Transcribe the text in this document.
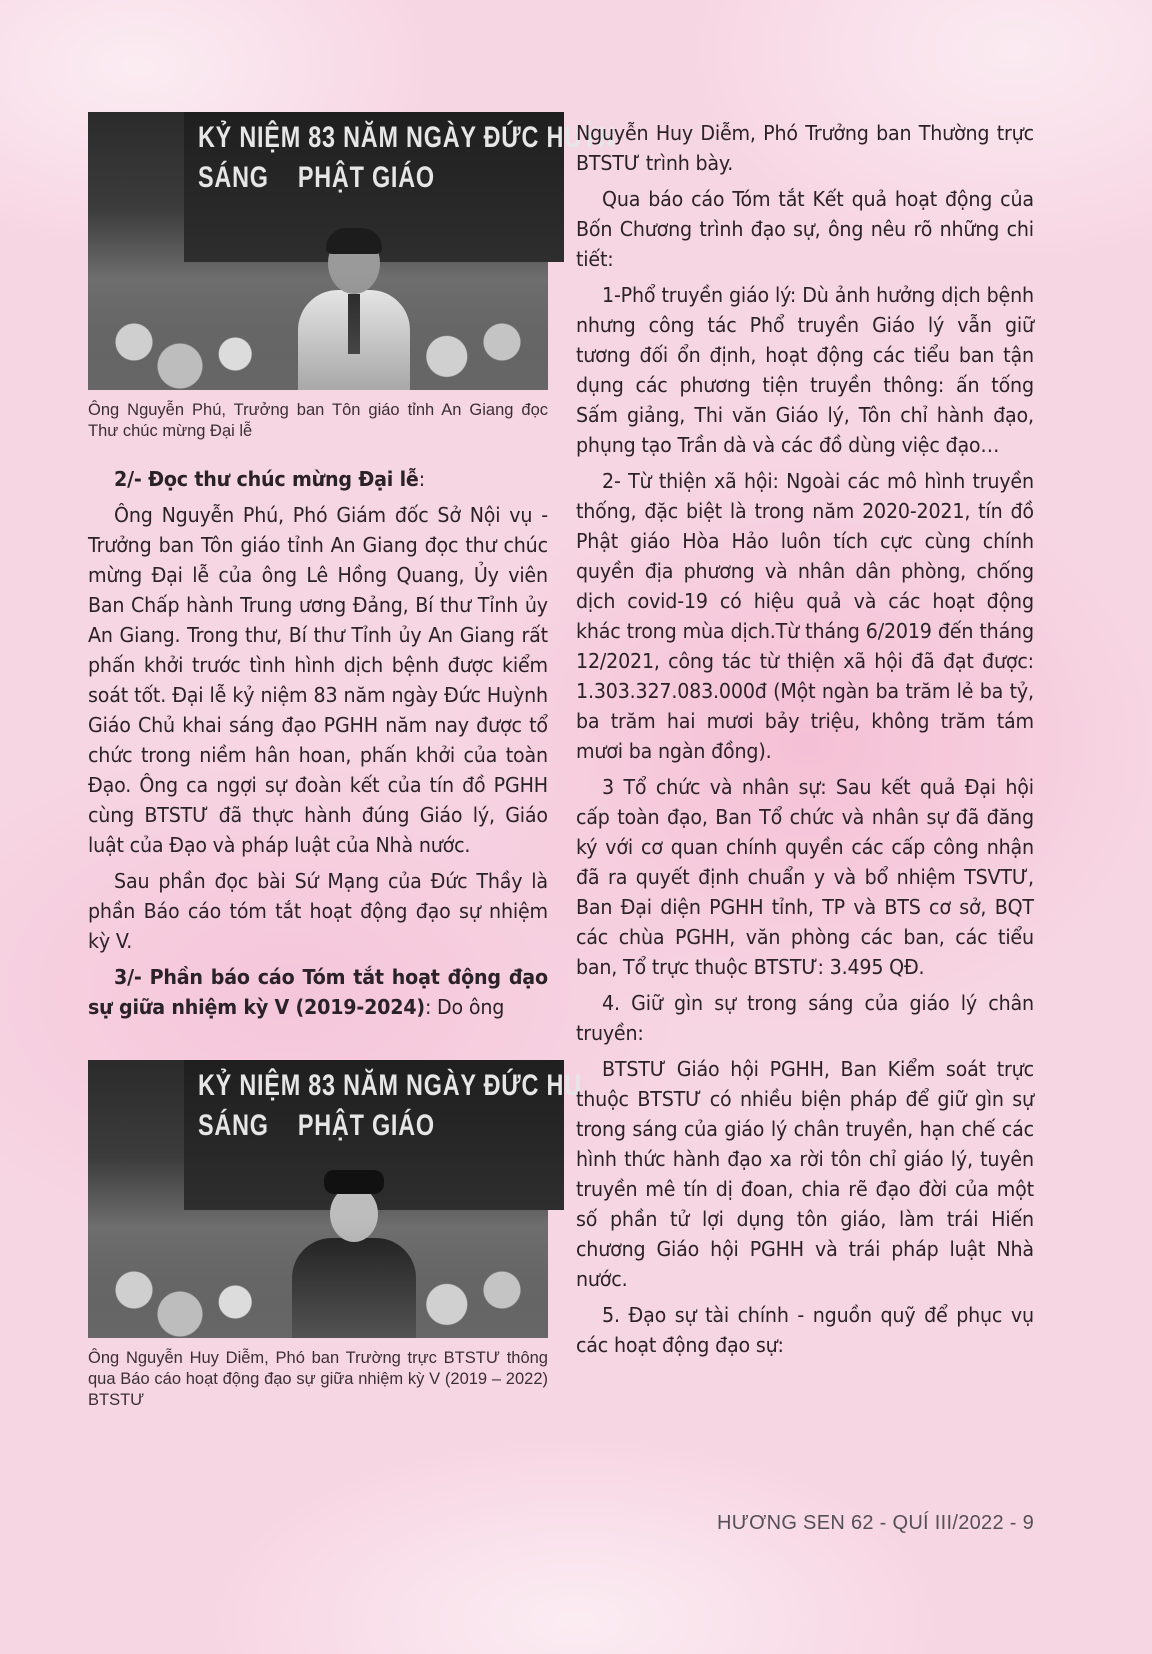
KỶ NIỆM 83 NĂM NGÀY ĐỨC HUỲN
SÁNG    PHẬT GIÁO
Ông Nguyễn Phú, Trưởng ban Tôn giáo tỉnh An Giang đọc Thư chúc mừng Đại lễ

2/- Đọc thư chúc mừng Đại lễ:

Ông Nguyễn Phú, Phó Giám đốc Sở Nội vụ - Trưởng ban Tôn giáo tỉnh An Giang đọc thư chúc mừng Đại lễ của ông Lê Hồng Quang, Ủy viên Ban Chấp hành Trung ương Đảng, Bí thư Tỉnh ủy An Giang. Trong thư, Bí thư Tỉnh ủy An Giang rất phấn khởi trước tình hình dịch bệnh được kiểm soát tốt. Đại lễ kỷ niệm 83 năm ngày Đức Huỳnh Giáo Chủ khai sáng đạo PGHH năm nay được tổ chức trong niềm hân hoan, phấn khởi của toàn Đạo. Ông ca ngợi sự đoàn kết của tín đồ PGHH cùng BTSTƯ đã thực hành đúng Giáo lý, Giáo luật của Đạo và pháp luật của Nhà nước.

Sau phần đọc bài Sứ Mạng của Đức Thầy là phần Báo cáo tóm tắt hoạt động đạo sự nhiệm kỳ V.

3/- Phần báo cáo Tóm tắt hoạt động đạo sự giữa nhiệm kỳ V (2019-2024): Do ông

KỶ NIỆM 83 NĂM NGÀY ĐỨC HU
SÁNG    PHẬT GIÁO
Ông Nguyễn Huy Diễm, Phó ban Trường trực BTSTƯ thông qua Báo cáo hoạt động đạo sự giữa nhiệm kỳ V (2019 – 2022) BTSTƯ

Nguyễn Huy Diễm, Phó Trưởng ban Thường trực BTSTƯ trình bày.

Qua báo cáo Tóm tắt Kết quả hoạt động của Bốn Chương trình đạo sự, ông nêu rõ những chi tiết:

1-Phổ truyền giáo lý: Dù ảnh hưởng dịch bệnh nhưng công tác Phổ truyền Giáo lý vẫn giữ tương đối ổn định, hoạt động các tiểu ban tận dụng các phương tiện truyền thông: ấn tống Sấm giảng, Thi văn Giáo lý, Tôn chỉ hành đạo, phụng tạo Trần dà và các đồ dùng việc đạo…

2- Từ thiện xã hội: Ngoài các mô hình truyền thống, đặc biệt là trong năm 2020-2021, tín đồ Phật giáo Hòa Hảo luôn tích cực cùng chính quyền địa phương và nhân dân phòng, chống dịch covid-19 có hiệu quả và các hoạt động khác trong mùa dịch.Từ tháng 6/2019 đến tháng 12/2021, công tác từ thiện xã hội đã đạt được: 1.303.327.083.000đ (Một ngàn ba trăm lẻ ba tỷ, ba trăm hai mươi bảy triệu, không trăm tám mươi ba ngàn đồng).

3 Tổ chức và nhân sự: Sau kết quả Đại hội cấp toàn đạo, Ban Tổ chức và nhân sự đã đăng ký với cơ quan chính quyền các cấp công nhận đã ra quyết định chuẩn y và bổ nhiệm TSVTƯ, Ban Đại diện PGHH tỉnh, TP và BTS cơ sở, BQT các chùa PGHH, văn phòng các ban, các tiểu ban, Tổ trực thuộc BTSTƯ: 3.495 QĐ.

4. Giữ gìn sự trong sáng của giáo lý chân truyền:

BTSTƯ Giáo hội PGHH, Ban Kiểm soát trực thuộc BTSTƯ có nhiều biện pháp để giữ gìn sự trong sáng của giáo lý chân truyền, hạn chế các hình thức hành đạo xa rời tôn chỉ giáo lý, tuyên truyền mê tín dị đoan, chia rẽ đạo đời của một số phần tử lợi dụng tôn giáo, làm trái Hiến chương Giáo hội PGHH và trái pháp luật Nhà nước.

5. Đạo sự tài chính - nguồn quỹ để phục vụ các hoạt động đạo sự:

HƯƠNG SEN 62 - QUÍ III/2022 - 9
